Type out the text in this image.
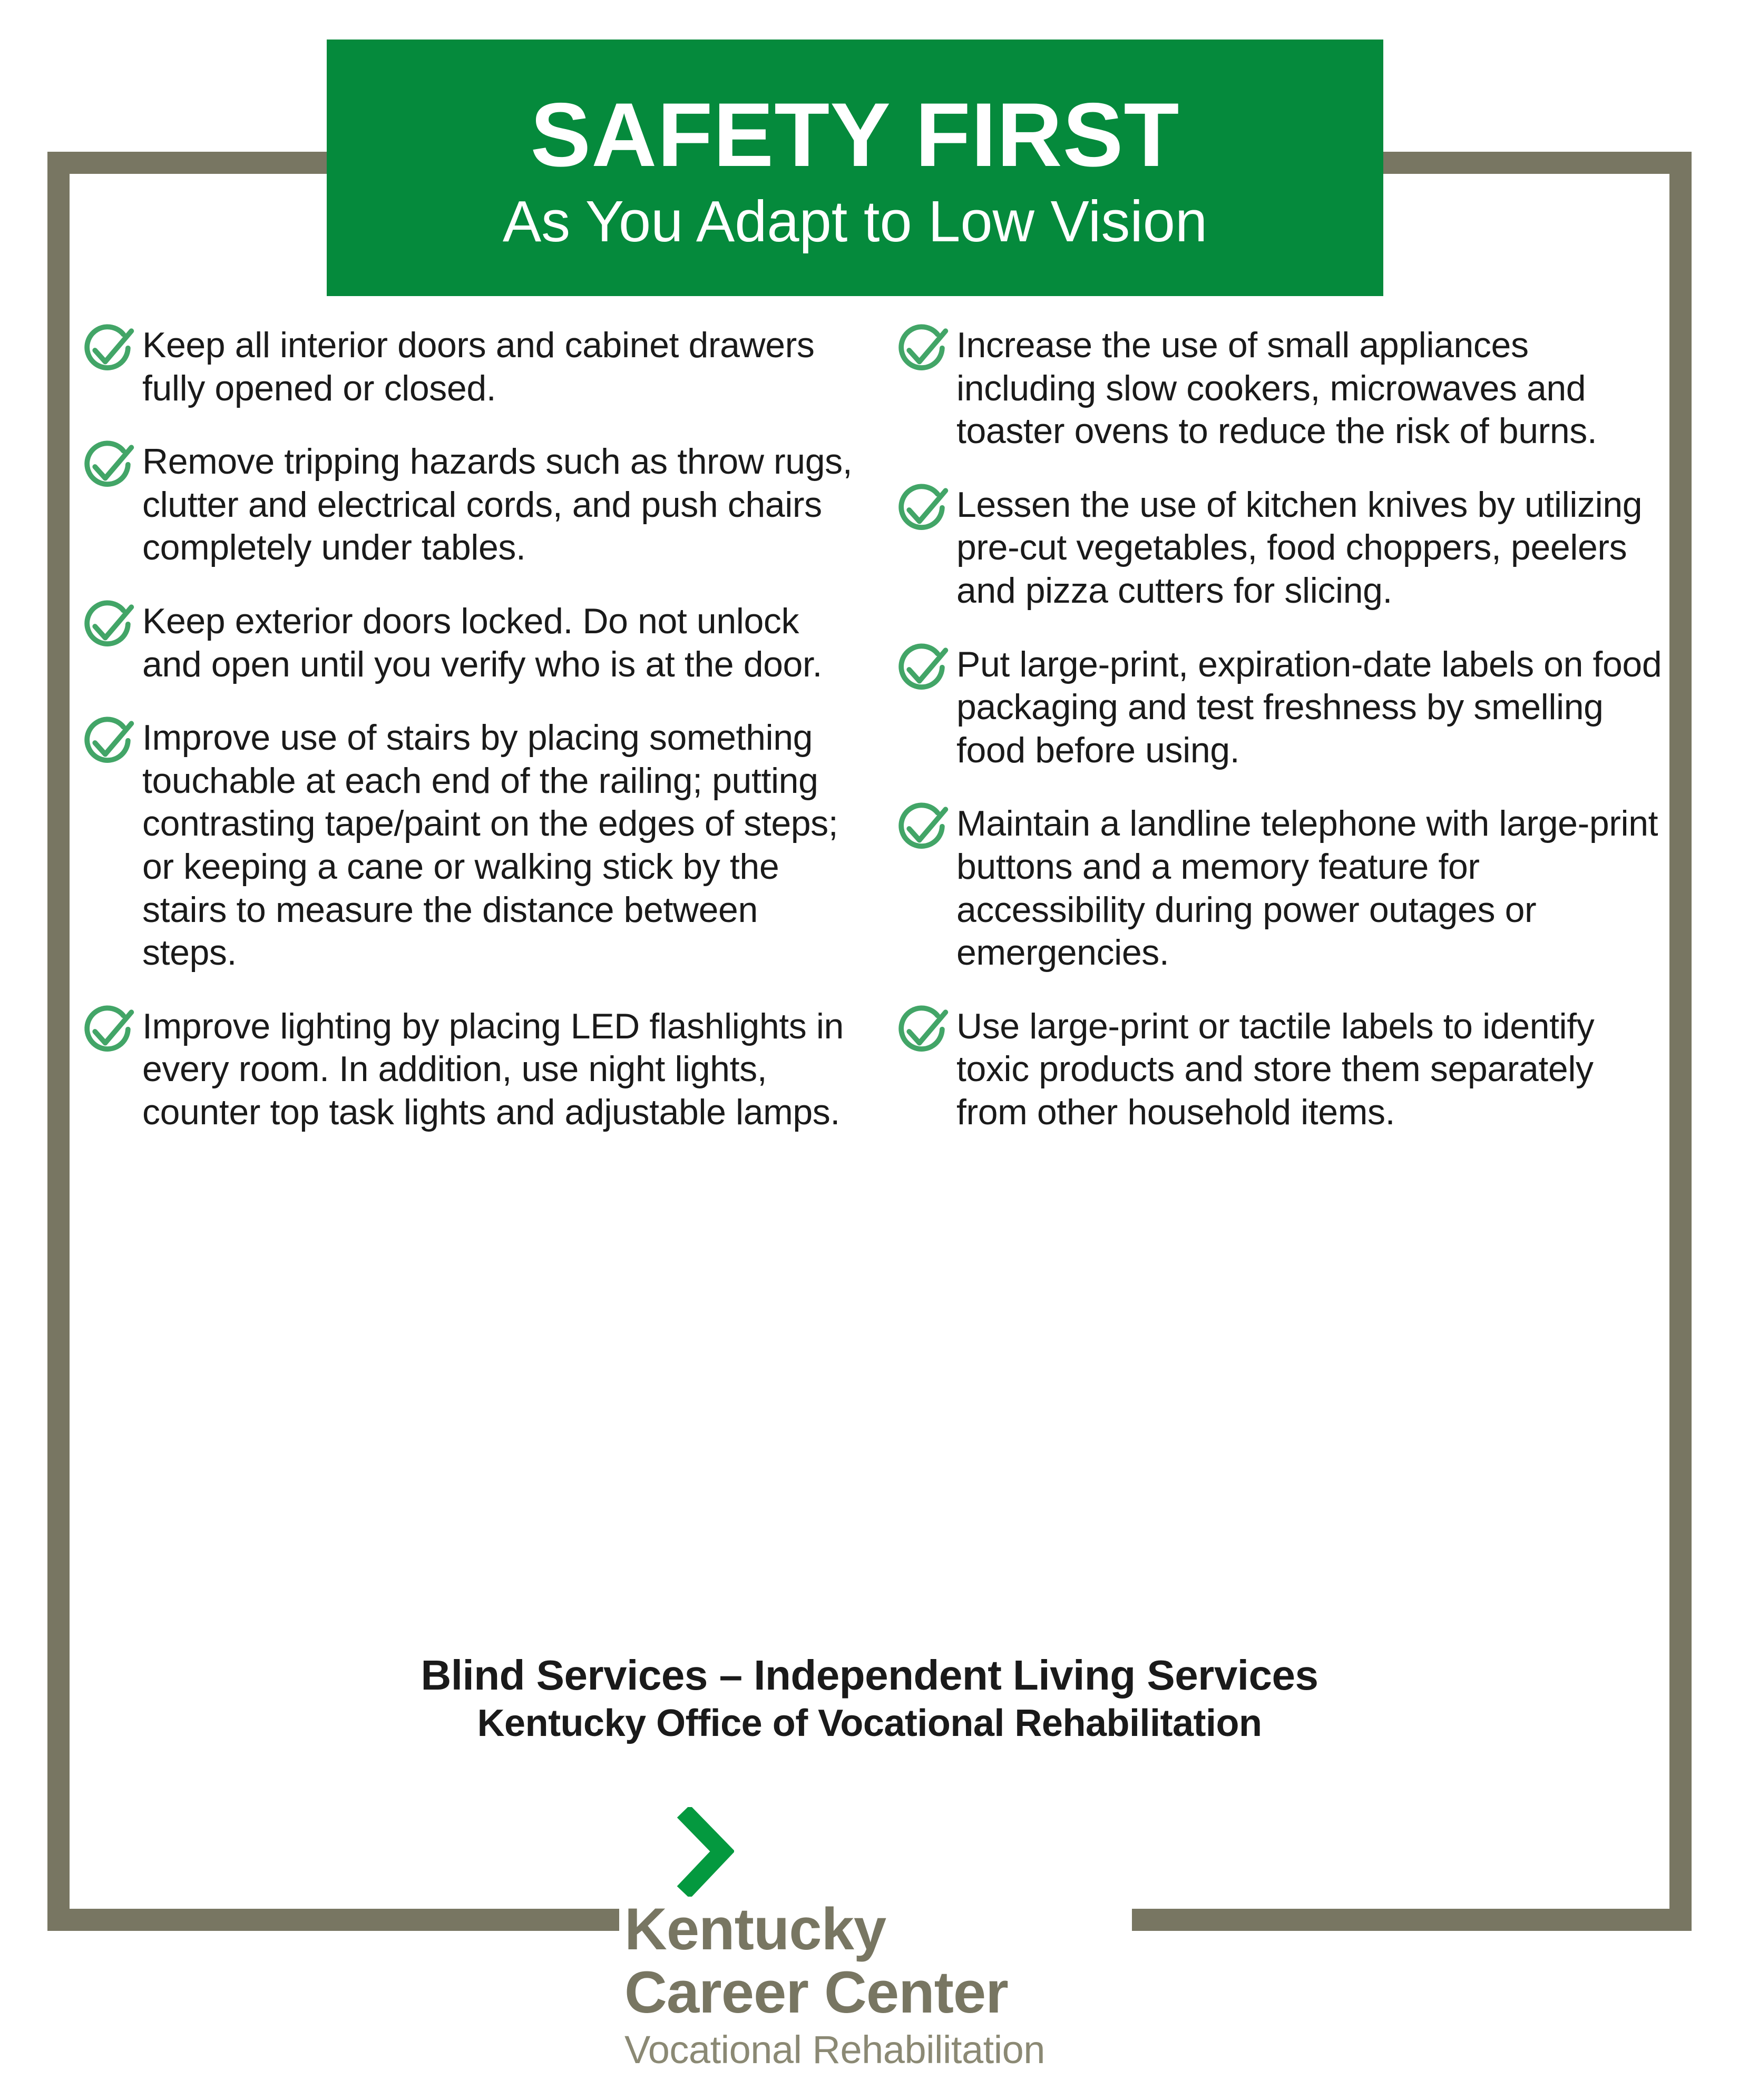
SAFETY FIRST
As You Adapt to Low Vision
Keep all interior doors and cabinet drawers fully opened or closed.
Remove tripping hazards such as throw rugs, clutter and electrical cords, and push chairs completely under tables.
Keep exterior doors locked. Do not unlock and open until you verify who is at the door.
Improve use of stairs by placing something touchable at each end of the railing; putting contrasting tape/paint on the edges of steps; or keeping a cane or walking stick by the stairs to measure the distance between steps.
Improve lighting by placing LED flashlights in every room. In addition, use night lights, counter top task lights and adjustable lamps.
Increase the use of small appliances including slow cookers, microwaves and toaster ovens to reduce the risk of burns.
Lessen the use of kitchen knives by utilizing pre-cut vegetables, food choppers, peelers and pizza cutters for slicing.
Put large-print, expiration-date labels on food packaging and test freshness by smelling food before using.
Maintain a landline telephone with large-print buttons and a memory feature for accessibility during power outages or emergencies.
Use large-print or tactile labels to identify toxic products and store them separately from other household items.
Blind Services – Independent Living Services
Kentucky Office of Vocational Rehabilitation
Kentucky
Career Center
Vocational Rehabilitation
